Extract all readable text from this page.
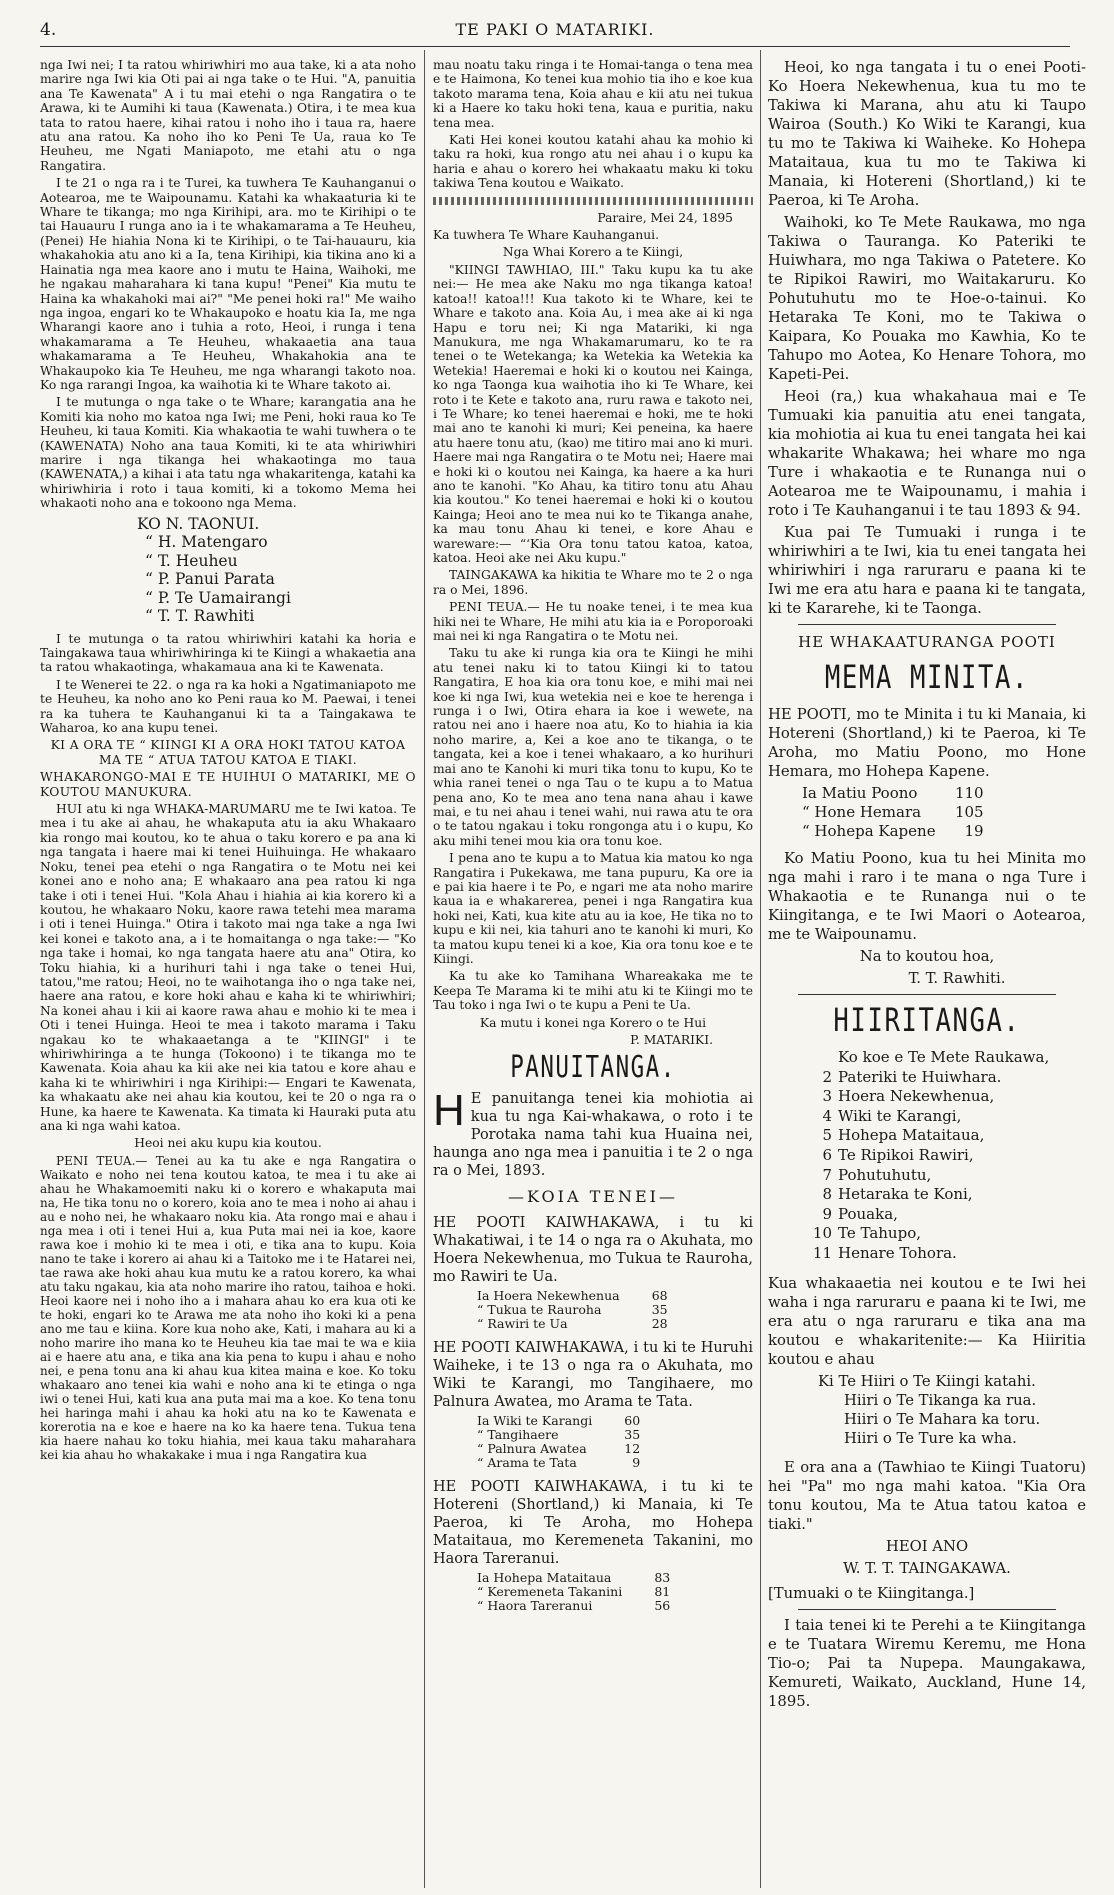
4.	TE PAKI O MATARIKI.

nga Iwi nei; I ta ratou whiriwhiri mo aua take, ki a ata noho marire nga Iwi kia Oti pai ai nga take o te Hui. "A, panuitia ana Te Kawenata" A i tu mai etehi o nga Rangatira o te Arawa, ki te Aumihi ki taua (Kawenata.) Otira, i te mea kua tata to ratou haere, kihai ratou i noho iho i taua ra, haere atu ana ratou. Ka noho iho ko Peni Te Ua, raua ko Te Heuheu, me Ngati Maniapoto, me etahi atu o nga Rangatira.

I te 21 o nga ra i te Turei, ka tuwhera Te Kauhanganui o Aotearoa, me te Waipounamu. Katahi ka whakaaturia ki te Whare te tikanga; mo nga Kirihipi, ara. mo te Kirihipi o te tai Hauauru I runga ano ia i te whakamarama a Te Heuheu, (Penei) He hiahia Nona ki te Kirihipi, o te Tai-hauauru, kia whakahokia atu ano ki a Ia, tena Kirihipi, kia tikina ano ki a Hainatia nga mea kaore ano i mutu te Haina, Waihoki, me he ngakau maharahara ki tana kupu! "Penei" Kia mutu te Haina ka whakahoki mai ai?" "Me penei hoki ra!" Me waiho nga ingoa, engari ko te Whakaupoko e hoatu kia Ia, me nga Wharangi kaore ano i tuhia a roto, Heoi, i runga i tena whakamarama a Te Heuheu, whakaaetia ana taua whakamarama a Te Heuheu, Whakahokia ana te Whakaupoko kia Te Heuheu, me nga wharangi takoto noa. Ko nga rarangi Ingoa, ka waihotia ki te Whare takoto ai.

I te mutunga o nga take o te Whare; karangatia ana he Komiti kia noho mo katoa nga Iwi; me Peni, hoki raua ko Te Heuheu, ki taua Komiti. Kia whakaotia te wahi tuwhera o te (KAWENATA) Noho ana taua Komiti, ki te ata whiriwhiri marire i nga tikanga hei whakaotinga mo taua (KAWENATA,) a kihai i ata tatu nga whakaritenga, katahi ka whiriwhiria i roto i taua komiti, ki a tokomo Mema hei whakaoti noho ana e tokoono nga Mema.

KO N. TAONUI.
“ H. Matengaro
“ T. Heuheu
“ P. Panui Parata
“ P. Te Uamairangi
“ T. T. Rawhiti

I te mutunga o ta ratou whiriwhiri katahi ka horia e Taingakawa taua whiriwhiringa ki te Kiingi a whakaetia ana ta ratou whakaotinga, whakamaua ana ki te Kawenata.

I te Wenerei te 22. o nga ra ka hoki a Ngatimaniapoto me te Heuheu, ka noho ano ko Peni raua ko M. Paewai, i tenei ra ka tuhera te Kauhanganui ki ta a Taingakawa te Waharoa, ko ana kupu tenei.

KI A ORA TE “ KIINGI KI A ORA HOKI TATOU KATOA MA TE “ ATUA TATOU KATOA E TIAKI.

WHAKARONGO-MAI E TE HUIHUI O MATARIKI, ME O KOUTOU MANUKURA.

HUI atu ki nga WHAKA-MARUMARU me te Iwi katoa. Te mea i tu ake ai ahau, he whakaputa atu ia aku Whakaaro kia rongo mai koutou, ko te ahua o taku korero e pa ana ki nga tangata i haere mai ki tenei Huihuinga. He whakaaro Noku, tenei pea etehi o nga Rangatira o te Motu nei kei konei ano e noho ana; E whakaaro ana pea ratou ki nga take i oti i tenei Hui. "Kola Ahau i hiahia ai kia korero ki a koutou, he whakaaro Noku, kaore rawa tetehi mea marama i oti i tenei Huinga." Otira i takoto mai nga take a nga Iwi kei konei e takoto ana, a i te homaitanga o nga take:— "Ko nga take i homai, ko nga tangata haere atu ana" Otira, ko Toku hiahia, ki a hurihuri tahi i nga take o tenei Hui, tatou,"me ratou; Heoi, no te waihotanga iho o nga take nei, haere ana ratou, e kore hoki ahau e kaha ki te whiriwhiri; Na konei ahau i kii ai kaore rawa ahau e mohio ki te mea i Oti i tenei Huinga. Heoi te mea i takoto marama i Taku ngakau ko te whakaaetanga a te "KIINGI" i te whiriwhiringa a te hunga (Tokoono) i te tikanga mo te Kawenata. Koia ahau ka kii ake nei kia tatou e kore ahau e kaha ki te whiriwhiri i nga Kirihipi:— Engari te Kawenata, ka whakaatu ake nei ahau kia koutou, kei te 20 o nga ra o Hune, ka haere te Kawenata. Ka timata ki Hauraki puta atu ana ki nga wahi katoa.

Heoi nei aku kupu kia koutou.

PENI TEUA.— Tenei au ka tu ake e nga Rangatira o Waikato e noho nei tena koutou katoa, te mea i tu ake ai ahau he Whakamoemiti naku ki o korero e whakaputa mai na, He tika tonu no o korero, koia ano te mea i noho ai ahau i au e noho nei, he whakaaro noku kia. Ata rongo mai e ahau i nga mea i oti i tenei Hui a, kua Puta mai nei ia koe, kaore rawa koe i mohio ki te mea i oti, e tika ana to kupu. Koia nano te take i korero ai ahau ki a Taitoko me i te Hatarei nei, tae rawa ake hoki ahau kua mutu ke a ratou korero, ka whai atu taku ngakau, kia ata noho marire iho ratou, taihoa e hoki. Heoi kaore nei i noho iho a i mahara ahau ko era kua oti ke te hoki, engari ko te Arawa me ata noho iho koki ki a pena ano me tau e kiina. Kore kua noho ake, Kati, i mahara au ki a noho marire iho mana ko te Heuheu kia tae mai te wa e kiia ai e haere atu ana, e tika ana kia pena to kupu i ahau e noho nei, e pena tonu ana ki ahau kua kitea maina e koe. Ko toku whakaaro ano tenei kia wahi e noho ana ki te etinga o nga iwi o tenei Hui, kati kua ana puta mai ma a koe. Ko tena tonu hei haringa mahi i ahau ka hoki atu na ko te Kawenata e korerotia na e koe e haere na ko ka haere tena. Tukua tena kia haere nahau ko toku hiahia, mei kaua taku maharahara kei kia ahau ho whakakake i mua i nga Rangatira kua

mau noatu taku ringa i te Homai-tanga o tena mea e te Haimona, Ko tenei kua mohio tia iho e koe kua takoto marama tena, Koia ahau e kii atu nei tukua ki a Haere ko taku hoki tena, kaua e puritia, naku tena mea.

Kati Hei konei koutou katahi ahau ka mohio ki taku ra hoki, kua rongo atu nei ahau i o kupu ka haria e ahau o korero hei whakaatu maku ki toku takiwa Tena koutou e Waikato.

Paraire, Mei 24, 1895

Ka tuwhera Te Whare Kauhanganui.

Nga Whai Korero a te Kiingi,

"KIINGI TAWHIAO, III." Taku kupu ka tu ake nei:— He mea ake Naku mo nga tikanga katoa! katoa!! katoa!!! Kua takoto ki te Whare, kei te Whare e takoto ana. Koia Au, i mea ake ai ki nga Hapu e toru nei; Ki nga Matariki, ki nga Manukura, me nga Whakamarumaru, ko te ra tenei o te Wetekanga; ka Wetekia ka Wetekia ka Wetekia! Haeremai e hoki ki o koutou nei Kainga, ko nga Taonga kua waihotia iho ki Te Whare, kei roto i te Kete e takoto ana, ruru rawa e takoto nei, i Te Whare; ko tenei haeremai e hoki, me te hoki mai ano te kanohi ki muri; Kei peneina, ka haere atu haere tonu atu, (kao) me titiro mai ano ki muri. Haere mai nga Rangatira o te Motu nei; Haere mai e hoki ki o koutou nei Kainga, ka haere a ka huri ano te kanohi. "Ko Ahau, ka titiro tonu atu Ahau kia koutou." Ko tenei haeremai e hoki ki o koutou Kainga; Heoi ano te mea nui ko te Tikanga anahe, ka mau tonu Ahau ki tenei, e kore Ahau e wareware:— “‘Kia Ora tonu tatou katoa, katoa, katoa. Heoi ake nei Aku kupu."

TAINGAKAWA ka hikitia te Whare mo te 2 o nga ra o Mei, 1896.

PENI TEUA.— He tu noake tenei, i te mea kua hiki nei te Whare, He mihi atu kia ia e Poroporoaki mai nei ki nga Rangatira o te Motu nei.

Taku tu ake ki runga kia ora te Kiingi he mihi atu tenei naku ki to tatou Kiingi ki to tatou Rangatira, E hoa kia ora tonu koe, e mihi mai nei koe ki nga Iwi, kua wetekia nei e koe te herenga i runga i o Iwi, Otira ehara ia koe i wewete, na ratou nei ano i haere noa atu, Ko to hiahia ia kia noho marire, a, Kei a koe ano te tikanga, o te tangata, kei a koe i tenei whakaaro, a ko hurihuri mai ano te Kanohi ki muri tika tonu to kupu, Ko te whia ranei tenei o nga Tau o te kupu a to Matua pena ano, Ko te mea ano tena nana ahau i kawe mai, e tu nei ahau i tenei wahi, nui rawa atu te ora o te tatou ngakau i toku rongonga atu i o kupu, Ko aku mihi tenei mou kia ora tonu koe.

I pena ano te kupu a to Matua kia matou ko nga Rangatira i Pukekawa, me tana pupuru, Ka ore ia e pai kia haere i te Po, e ngari me ata noho marire kaua ia e whakarerea, penei i nga Rangatira kua hoki nei, Kati, kua kite atu au ia koe, He tika no to kupu e kii nei, kia tahuri ano te kanohi ki muri, Ko ta matou kupu tenei ki a koe, Kia ora tonu koe e te Kiingi.

Ka tu ake ko Tamihana Whareakaka me te Keepa Te Marama ki te mihi atu ki te Kiingi mo te Tau toko i nga Iwi o te kupu a Peni te Ua.

Ka mutu i konei nga Korero o te Hui

P. MATARIKI.

PANUITANGA.

H E panuitanga tenei kia mohiotia ai kua tu nga Kai-whakawa, o roto i te Porotaka nama tahi kua Huaina nei, haunga ano nga mea i panuitia i te 2 o nga ra o Mei, 1893.

—KOIA TENEI—

HE POOTI KAIWHAKAWA, i tu ki Whakatiwai, i te 14 o nga ra o Akuhata, mo Hoera Nekewhenua, mo Tukua te Rauroha, mo Rawiri te Ua.

Ia Hoera Nekewhenua	68
“ Tukua te Rauroha	35
“ Rawiri te Ua	28

HE POOTI KAIWHAKAWA, i tu ki te Huruhi Waiheke, i te 13 o nga ra o Akuhata, mo Wiki te Karangi, mo Tangihaere, mo Palnura Awatea, mo Arama te Tata.

Ia Wiki te Karangi	60
“ Tangihaere	35
“ Palnura Awatea	12
“ Arama te Tata	9

HE POOTI KAIWHAKAWA, i tu ki te Hotereni (Shortland,) ki Manaia, ki Te Paeroa, ki Te Aroha, mo Hohepa Mataitaua, mo Keremeneta Takanini, mo Haora Tareranui.

Ia Hohepa Mataitaua	83
“ Keremeneta Takanini	81
“ Haora Tareranui	56

Heoi, ko nga tangata i tu o enei Pooti-Ko Hoera Nekewhenua, kua tu mo te Takiwa ki Marana, ahu atu ki Taupo Wairoa (South.) Ko Wiki te Karangi, kua tu mo te Takiwa ki Waiheke. Ko Hohepa Mataitaua, kua tu mo te Takiwa ki Manaia, ki Hotereni (Shortland,) ki te Paeroa, ki Te Aroha.

Waihoki, ko Te Mete Raukawa, mo nga Takiwa o Tauranga. Ko Pateriki te Huiwhara, mo nga Takiwa o Patetere. Ko te Ripikoi Rawiri, mo Waitakaruru. Ko Pohutuhutu mo te Hoe-o-tainui. Ko Hetaraka Te Koni, mo te Takiwa o Kaipara, Ko Pouaka mo Kawhia, Ko te Tahupo mo Aotea, Ko Henare Tohora, mo Kapeti-Pei.

Heoi (ra,) kua whakahaua mai e Te Tumuaki kia panuitia atu enei tangata, kia mohiotia ai kua tu enei tangata hei kai whakarite Whakawa; hei whare mo nga Ture i whakaotia e te Runanga nui o Aotearoa me te Waipounamu, i mahia i roto i Te Kauhanganui i te tau 1893 & 94.

Kua pai Te Tumuaki i runga i te whiriwhiri a te Iwi, kia tu enei tangata hei whiriwhiri i nga raruraru e paana ki te Iwi me era atu hara e paana ki te tangata, ki te Kararehe, ki te Taonga.

HE WHAKAATURANGA POOTI
MEMA MINITA.

HE POOTI, mo te Minita i tu ki Manaia, ki Hotereni (Shortland,) ki te Paeroa, ki Te Aroha, mo Matiu Poono, mo Hone Hemara, mo Hohepa Kapene.

Ia Matiu Poono	110
“ Hone Hemara	105
“ Hohepa Kapene	19

Ko Matiu Poono, kua tu hei Minita mo nga mahi i raro i te mana o nga Ture i Whakaotia e te Runanga nui o te Kiingitanga, e te Iwi Maori o Aotearoa, me te Waipounamu.

Na to koutou hoa,

T. T. Rawhiti.

HIIRITANGA.
Ko koe e Te Mete Raukawa,
2 Pateriki te Huiwhara.
3 Hoera Nekewhenua,
4 Wiki te Karangi,
5 Hohepa Mataitaua,
6 Te Ripikoi Rawiri,
7 Pohutuhutu,
8 Hetaraka te Koni,
9 Pouaka,
10 Te Tahupo,
11 Henare Tohora.

Kua whakaaetia nei koutou e te Iwi hei waha i nga raruraru e paana ki te Iwi, me era atu o nga raruraru e tika ana ma koutou e whakaritenite:— Ka Hiiritia koutou e ahau

Ki Te Hiiri o Te Kiingi katahi.
Hiiri o Te Tikanga ka rua.
Hiiri o Te Mahara ka toru.
Hiiri o Te Ture ka wha.

E ora ana a (Tawhiao te Kiingi Tuatoru) hei "Pa" mo nga mahi katoa. "Kia Ora tonu koutou, Ma te Atua tatou katoa e tiaki."

HEOI ANO

W. T. T. TAINGAKAWA.

[Tumuaki o te Kiingitanga.]

I taia tenei ki te Perehi a te Kiingitanga e te Tuatara Wiremu Keremu, me Hona Tio-o; Pai ta Nupepa. Maungakawa, Kemureti, Waikato, Auckland, Hune 14, 1895.
